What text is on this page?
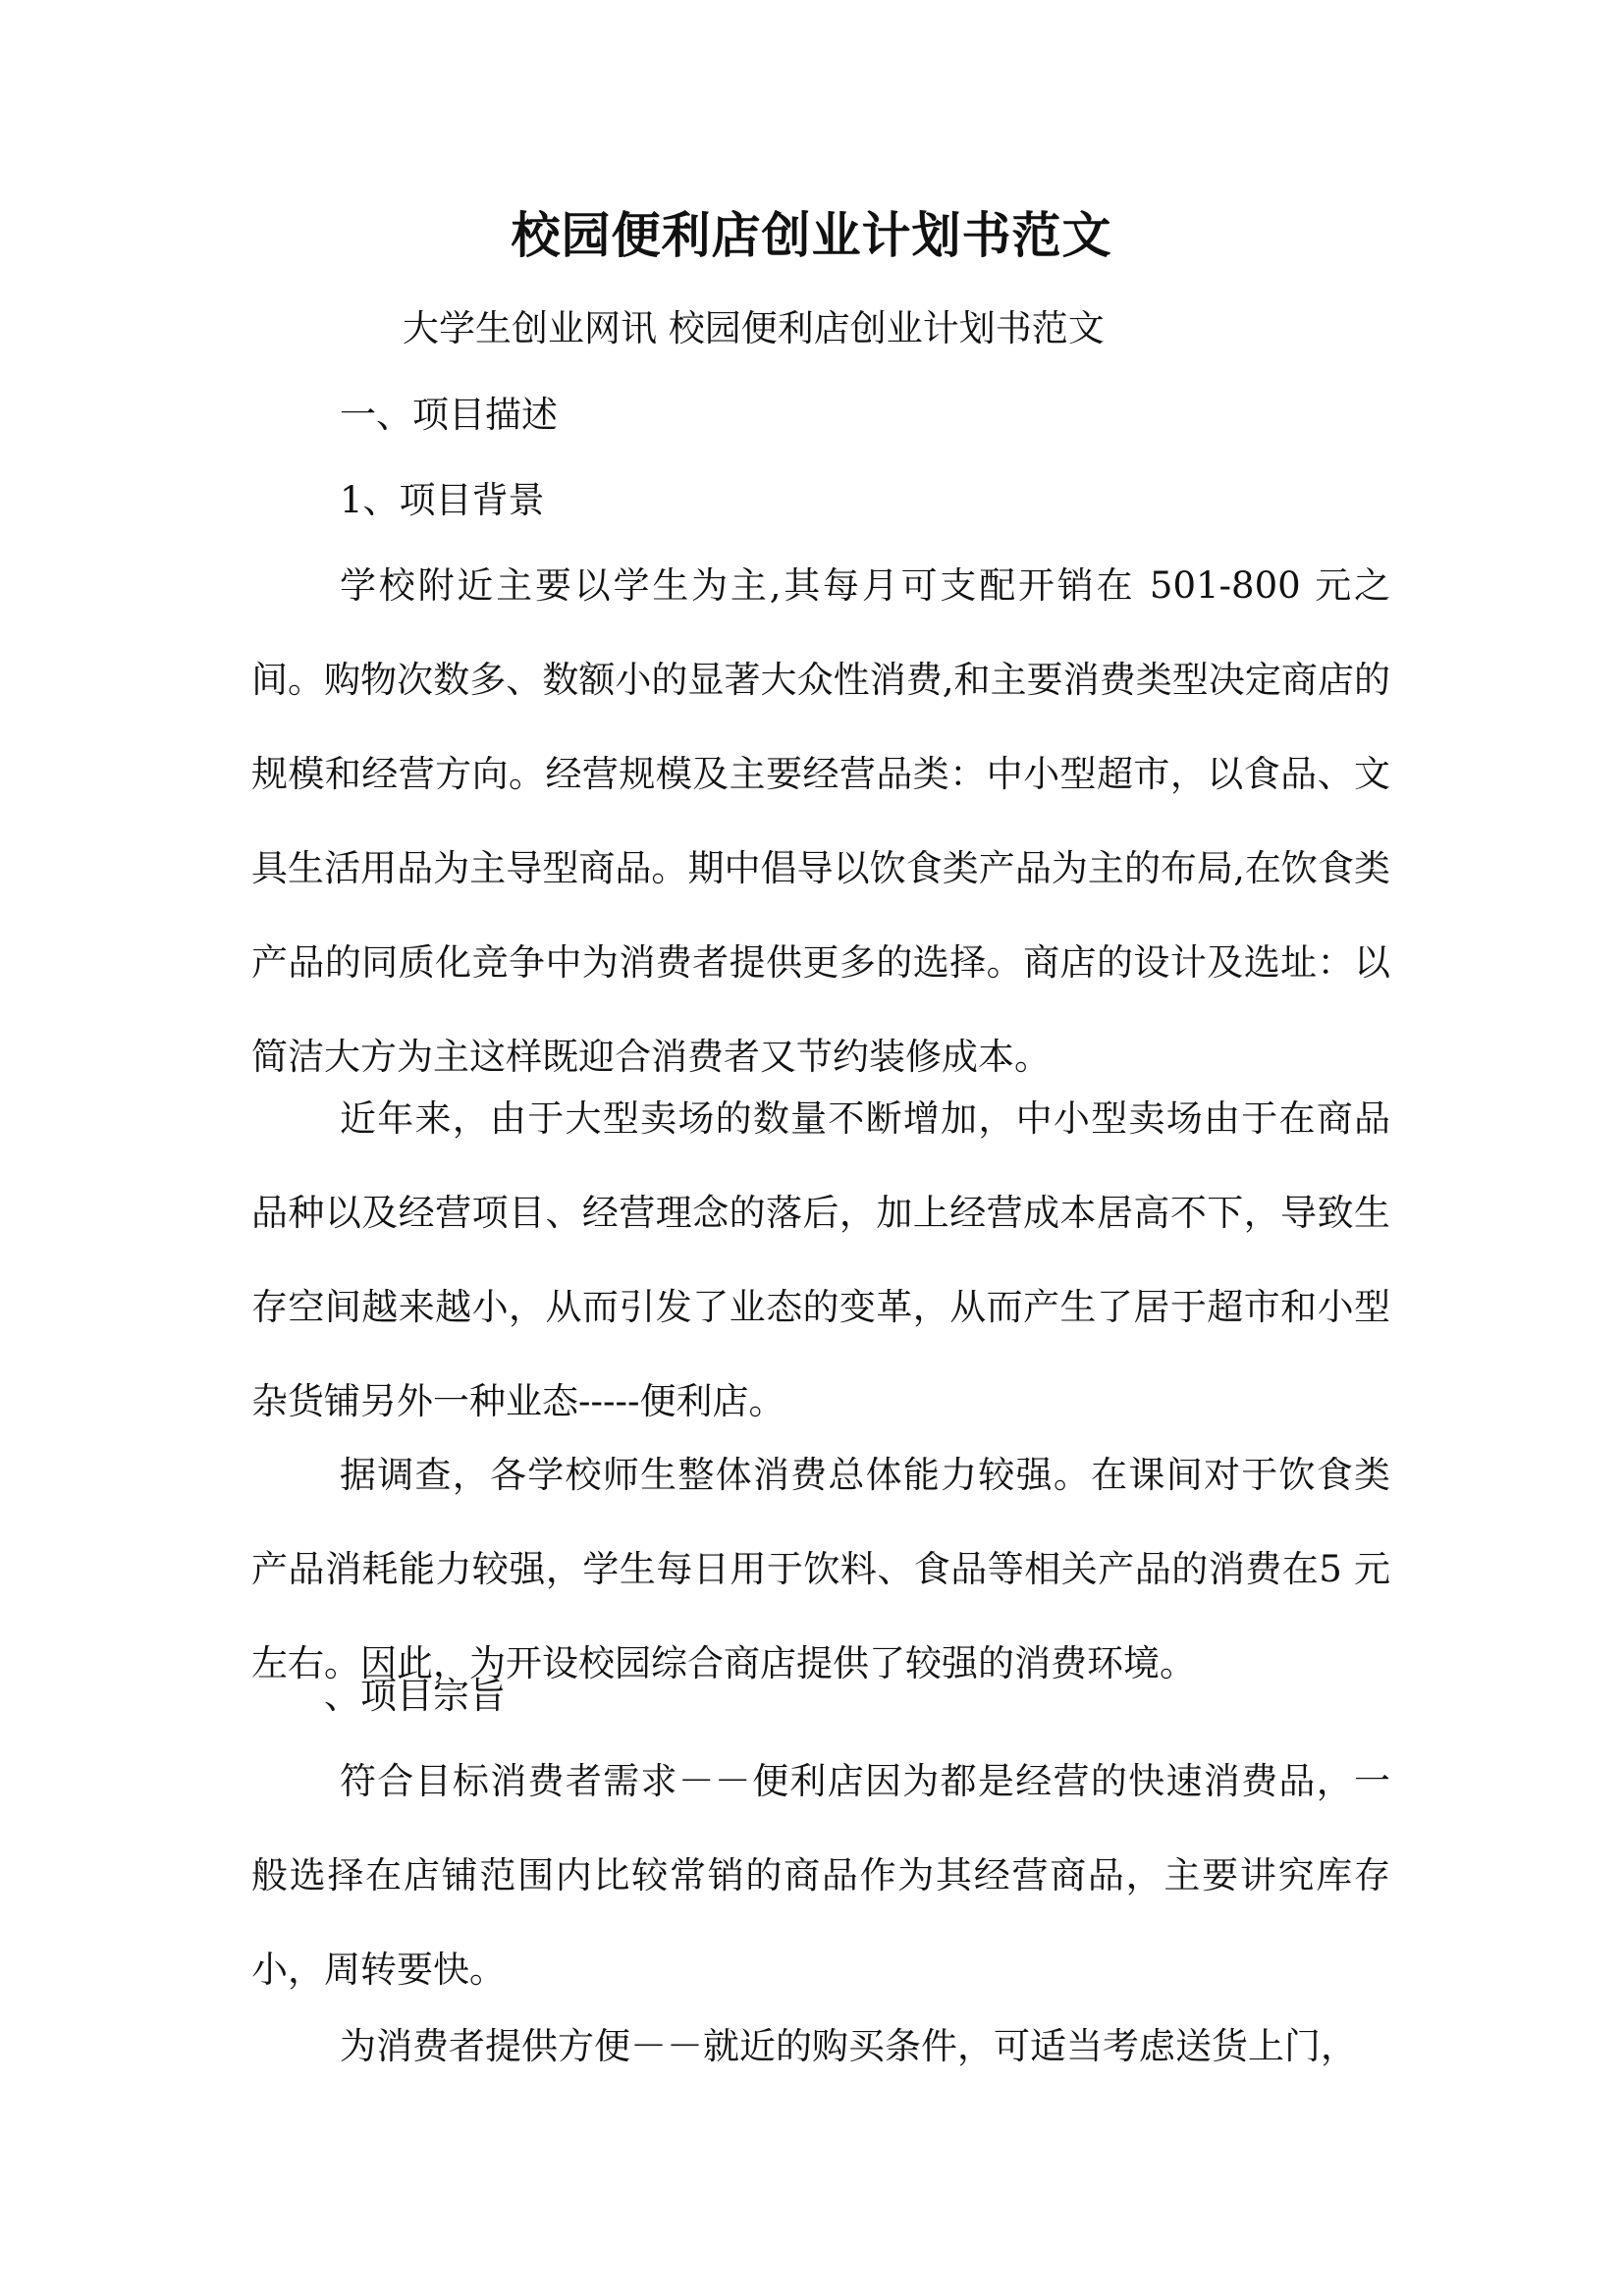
校园便利店创业计划书范文
大学生创业网讯 校园便利店创业计划书范文
一、项目描述
1、项目背景

学校附近主要以学生为主,其每月可支配开销在 501-800 元之间。购物次数多、数额小的显著大众性消费,和主要消费类型决定商店的规模和经营方向。经营规模及主要经营品类：中小型超市，以食品、文具生活用品为主导型商品。期中倡导以饮食类产品为主的布局,在饮食类产品的同质化竞争中为消费者提供更多的选择。商店的设计及选址：以简洁大方为主这样既迎合消费者又节约装修成本。

近年来，由于大型卖场的数量不断增加，中小型卖场由于在商品品种以及经营项目、经营理念的落后，加上经营成本居高不下，导致生存空间越来越小，从而引发了业态的变革，从而产生了居于超市和小型杂货铺另外一种业态-----便利店。

据调查，各学校师生整体消费总体能力较强。在课间对于饮食类产品消耗能力较强，学生每日用于饮料、食品等相关产品的消费在5 元左右。因此，为开设校园综合商店提供了较强的消费环境。

、项目宗旨

符合目标消费者需求－－便利店因为都是经营的快速消费品，一般选择在店铺范围内比较常销的商品作为其经营商品，主要讲究库存小，周转要快。

为消费者提供方便－－就近的购买条件，可适当考虑送货上门，
